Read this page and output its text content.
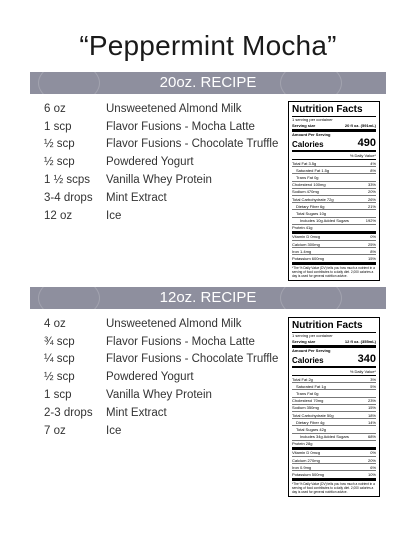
“Peppermint Mocha”
20oz. RECIPE
6 oz	Unsweetened Almond Milk
1 scp	Flavor Fusions - Mocha Latte
½ scp	Flavor Fusions - Chocolate Truffle
½ scp	Powdered Yogurt
1 ½ scps	Vanilla Whey Protein
3-4 drops	Mint Extract
12 oz	Ice
Nutrition Facts
1 serving per container
Serving size	20 fl oz. (591mL)
Amount Per Serving
Calories	490
% Daily Value*
Total Fat 3.5g	4%
Saturated Fat 1.5g	8%
Trans Fat 0g
Cholesterol 100mg	33%
Sodium 470mg	20%
Total Carbohydrate 72g	26%
Dietary Fiber 6g	21%
Total Sugars 10g
Includes 10g Added Sugars	192%
Protein 41g
Vitamin D 0mcg	0%
Calcium 300mg	25%
Iron 1.4mg	8%
Potassium 600mg	15%
*The % Daily Value (DV) tells you how much a nutrient in a serving of food contributes to a daily diet. 2,000 calories a day is used for general nutrition advice.
12oz. RECIPE
4 oz	Unsweetened Almond Milk
¾ scp	Flavor Fusions - Mocha Latte
¼ scp	Flavor Fusions - Chocolate Truffle
½ scp	Powdered Yogurt
1 scp	Vanilla Whey Protein
2-3 drops	Mint Extract
7 oz	Ice
Nutrition Facts
1 serving per container
Serving size	12 fl oz. (355mL)
Amount Per Serving
Calories	340
% Daily Value*
Total Fat 2g	3%
Saturated Fat 1g	5%
Trans Fat 0g
Cholesterol 70mg	23%
Sodium 350mg	15%
Total Carbohydrate 50g	18%
Dietary Fiber 4g	14%
Total Sugars 42g
Includes 34g Added Sugars	68%
Protein 28g
Vitamin D 0mcg	0%
Calcium 270mg	20%
Iron 0.9mg	6%
Potassium 500mg	10%
*The % Daily Value (DV) tells you how much a nutrient in a serving of food contributes to a daily diet. 2,000 calories a day is used for general nutrition advice.
